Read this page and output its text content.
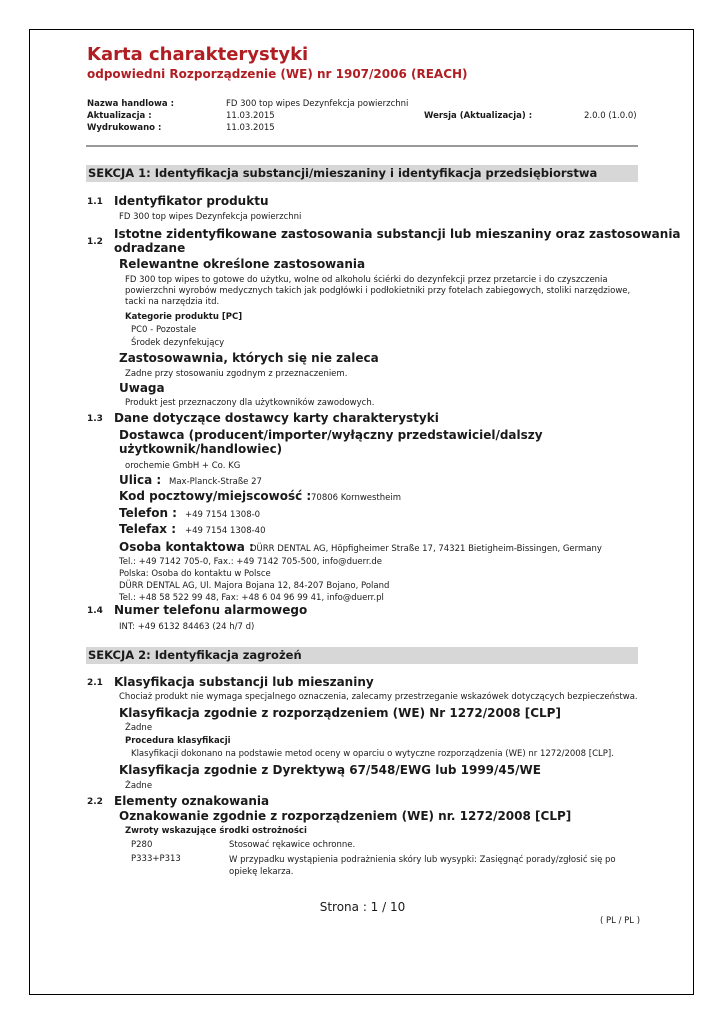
Karta charakterystyki
odpowiedni Rozporządzenie (WE) nr 1907/2006 (REACH)
Nazwa handlowa :	FD 300 top wipes Dezynfekcja powierzchni
Aktualizacja :	11.03.2015	Wersja (Aktualizacja) :	2.0.0 (1.0.0)
Wydrukowano :	11.03.2015
SEKCJA 1: Identyfikacja substancji/mieszaniny i identyfikacja przedsiębiorstwa
1.1 Identyfikator produktu
FD 300 top wipes Dezynfekcja powierzchni
1.2
Istotne zidentyfikowane zastosowania substancji lub mieszaniny oraz zastosowania
odradzane
Relewantne określone zastosowania
FD 300 top wipes to gotowe do użytku, wolne od alkoholu ściérki do dezynfekcji przez przetarcie i do czyszczenia
powierzchni wyrobów medycznych takich jak podgłówki i podłokietniki przy fotelach zabiegowych, stoliki narzędziowe,
tacki na narzędzia itd.
Kategorie produktu [PC]
PC0 - Pozostale
Środek dezynfekujący
Zastosowawnia, których się nie zaleca
Zadne przy stosowaniu zgodnym z przeznaczeniem.
Uwaga
Produkt jest przeznaczony dla użytkowników zawodowych.
1.3 Dane dotyczące dostawcy karty charakterystyki
Dostawca (producent/importer/wyłączny przedstawiciel/dalszy
użytkownik/handlowiec)
orochemie GmbH + Co. KG
Ulica : Max-Planck-Straße 27
Kod pocztowy/miejscowość : 70806 Kornwestheim
Telefon : +49 7154 1308-0
Telefax : +49 7154 1308-40
Osoba kontaktowa :
DÜRR DENTAL AG, Höpfigheimer Straße 17, 74321 Bietigheim-Bissingen, Germany
Tel.: +49 7142 705-0, Fax.: +49 7142 705-500, info@duerr.de
Polska: Osoba do kontaktu w Polsce
DÜRR DENTAL AG, Ul. Majora Bojana 12, 84-207 Bojano, Poland
Tel.: +48 58 522 99 48, Fax: +48 6 04 96 99 41, info@duerr.pl
1.4 Numer telefonu alarmowego
INT: +49 6132 84463 (24 h/7 d)
SEKCJA 2: Identyfikacja zagrożeń
2.1 Klasyfikacja substancji lub mieszaniny
Chociaż produkt nie wymaga specjalnego oznaczenia, zalecamy przestrzeganie wskazówek dotyczących bezpieczeństwa.
Klasyfikacja zgodnie z rozporządzeniem (WE) Nr 1272/2008 [CLP]
Żadne
Procedura klasyfikacji
Klasyfikacji dokonano na podstawie metod oceny w oparciu o wytyczne rozporządzenia (WE) nr 1272/2008 [CLP].
Klasyfikacja zgodnie z Dyrektywą 67/548/EWG lub 1999/45/WE
Żadne
2.2 Elementy oznakowania
Oznakowanie zgodnie z rozporządzeniem (WE) nr. 1272/2008 [CLP]
Zwroty wskazujące środki ostrożności
P280	Stosować rękawice ochronne.
P333+P313	W przypadku wystąpienia podrażnienia skóry lub wysypki: Zasięgnąć porady/zgłosić się po
opiekę lekarza.
Strona : 1 / 10
( PL / PL )
